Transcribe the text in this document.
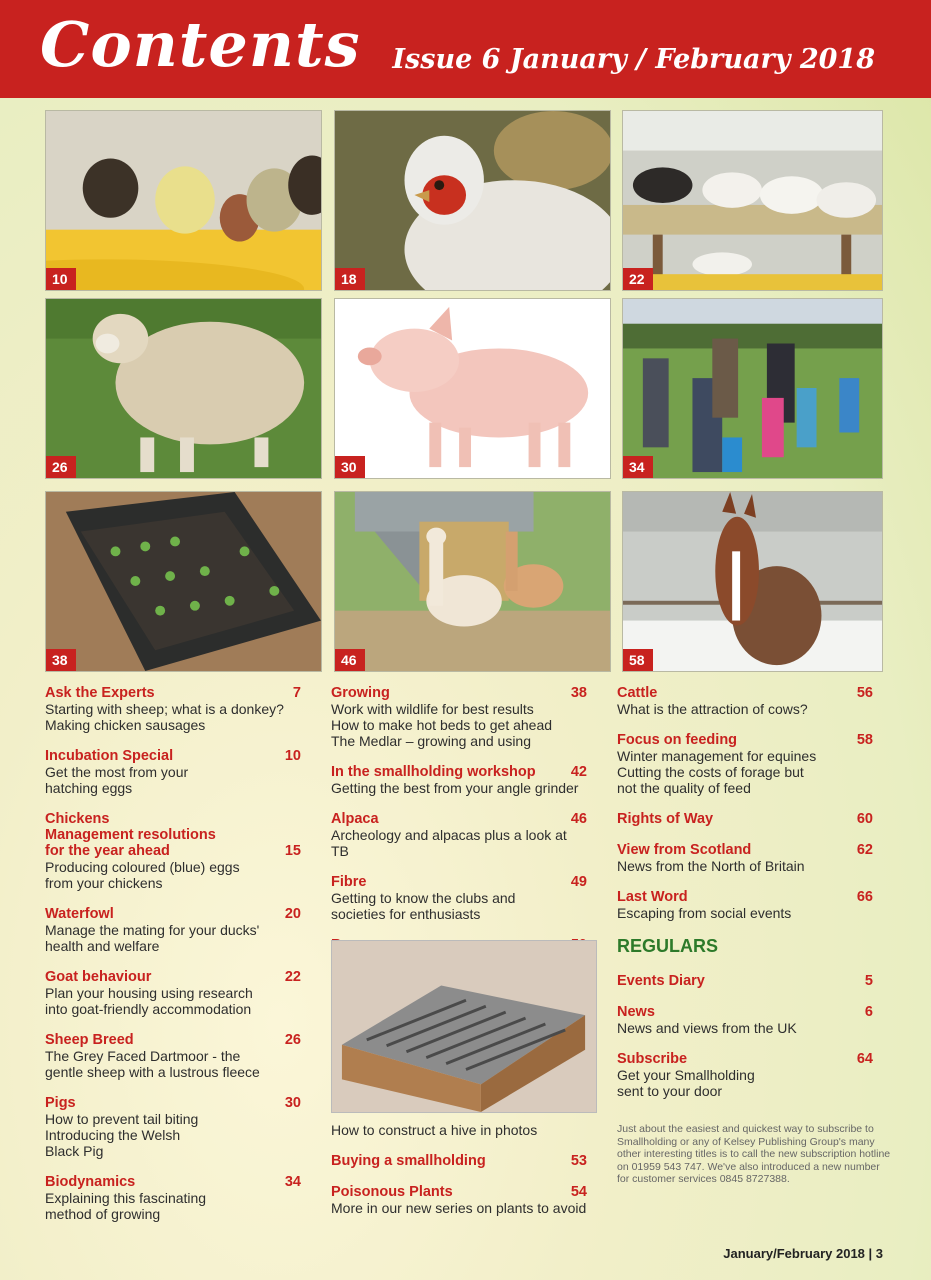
Contents Issue 6 January / February 2018
10	18	22
26	30	34
38	46	58
Ask the Experts	7
Starting with sheep; what is a donkey?
Making chicken sausages
Incubation Special	10
Get the most from your
hatching eggs
Chickens
Management resolutions
for the year ahead	15
Producing coloured (blue) eggs
from your chickens
Waterfowl	20
Manage the mating for your ducks'
health and welfare
Goat behaviour	22
Plan your housing using research
into goat-friendly accommodation
Sheep Breed	26
The Grey Faced Dartmoor - the
gentle sheep with a lustrous fleece
Pigs	30
How to prevent tail biting
Introducing the Welsh
Black Pig
Biodynamics	34
Explaining this fascinating
method of growing
Growing	38
Work with wildlife for best results
How to make hot beds to get ahead
The Medlar – growing and using
In the smallholding workshop 42
Getting the best from your angle grinder
Alpaca	46
Archeology and alpacas plus a look at TB
Fibre	49
Getting to know the clubs and
societies for enthusiasts
How to construct a hive in photos
Buying a smallholding	53
Poisonous Plants	54
More in our new series on plants to avoid
Cattle	56
What is the attraction of cows?
Focus on feeding	58
Winter management for equines
Cutting the costs of forage but
not the quality of feed
Rights of Way	60
View from Scotland	62
News from the North of Britain
Last Word	66
Escaping from social events
REGULARS
Events Diary	5
News	6
News and views from the UK
Subscribe	64
Get your Smallholding
sent to your door
Just about the easiest and quickest way to subscribe to Smallholding or any of Kelsey Publishing Group's many other interesting titles is to call the new subscription hotline on 01959 543 747. We've also introduced a new number for customer services 0845 8727388.
January/February 2018 | 3
